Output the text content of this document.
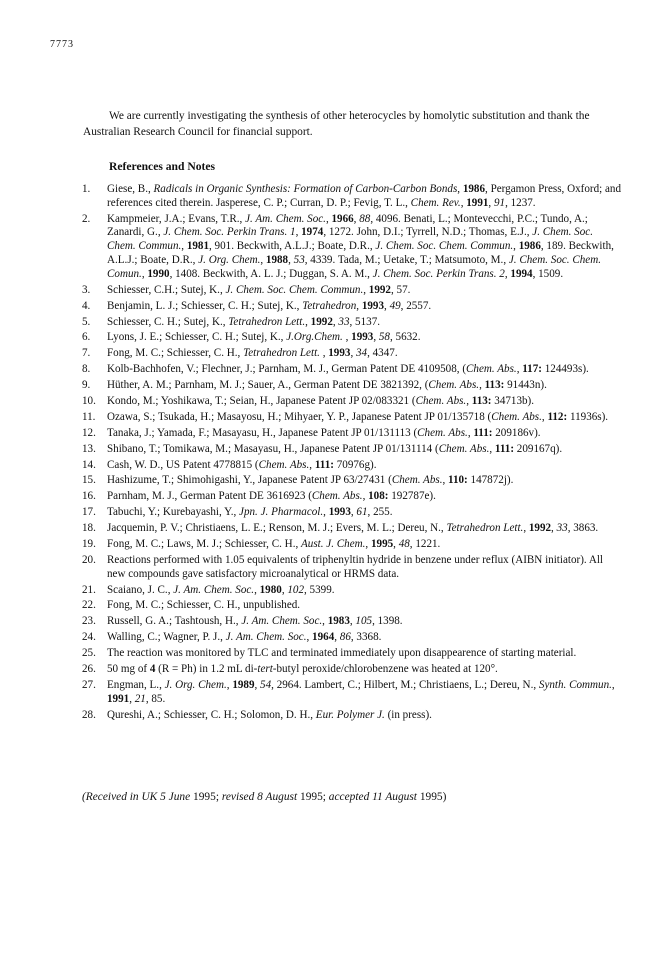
7773

We are currently investigating the synthesis of other heterocycles by homolytic substitution and thank the Australian Research Council for financial support.

References and Notes
1.	Giese, B., Radicals in Organic Synthesis: Formation of Carbon-Carbon Bonds, 1986, Pergamon Press, Oxford; and references cited therein. Jasperese, C. P.; Curran, D. P.; Fevig, T. L., Chem. Rev., 1991, 91, 1237.
2.	Kampmeier, J.A.; Evans, T.R., J. Am. Chem. Soc., 1966, 88, 4096. Benati, L.; Montevecchi, P.C.; Tundo, A.; Zanardi, G., J. Chem. Soc. Perkin Trans. 1, 1974, 1272. John, D.I.; Tyrrell, N.D.; Thomas, E.J., J. Chem. Soc. Chem. Commun., 1981, 901. Beckwith, A.L.J.; Boate, D.R., J. Chem. Soc. Chem. Commun., 1986, 189. Beckwith, A.L.J.; Boate, D.R., J. Org. Chem., 1988, 53, 4339. Tada, M.; Uetake, T.; Matsumoto, M., J. Chem. Soc. Chem. Comun., 1990, 1408. Beckwith, A. L. J.; Duggan, S. A. M., J. Chem. Soc. Perkin Trans. 2, 1994, 1509.
3.	Schiesser, C.H.; Sutej, K., J. Chem. Soc. Chem. Commun., 1992, 57.
4.	Benjamin, L. J.; Schiesser, C. H.; Sutej, K., Tetrahedron, 1993, 49, 2557.
5.	Schiesser, C. H.; Sutej, K., Tetrahedron Lett., 1992, 33, 5137.
6.	Lyons, J. E.; Schiesser, C. H.; Sutej, K., J.Org.Chem. , 1993, 58, 5632.
7.	Fong, M. C.; Schiesser, C. H., Tetrahedron Lett. , 1993, 34, 4347.
8.	Kolb-Bachhofen, V.; Flechner, J.; Parnham, M. J., German Patent DE 4109508, (Chem. Abs., 117: 124493s).
9.	Hüther, A. M.; Parnham, M. J.; Sauer, A., German Patent DE 3821392, (Chem. Abs., 113: 91443n).
10.	Kondo, M.; Yoshikawa, T.; Seian, H., Japanese Patent JP 02/083321 (Chem. Abs., 113: 34713b).
11.	Ozawa, S.; Tsukada, H.; Masayosu, H.; Mihyaer, Y. P., Japanese Patent JP 01/135718 (Chem. Abs., 112: 11936s).
12.	Tanaka, J.; Yamada, F.; Masayasu, H., Japanese Patent JP 01/131113 (Chem. Abs., 111: 209186v).
13.	Shibano, T.; Tomikawa, M.; Masayasu, H., Japanese Patent JP 01/131114 (Chem. Abs., 111: 209167q).
14.	Cash, W. D., US Patent 4778815 (Chem. Abs., 111: 70976g).
15.	Hashizume, T.; Shimohigashi, Y., Japanese Patent JP 63/27431 (Chem. Abs., 110: 147872j).
16.	Parnham, M. J., German Patent DE 3616923 (Chem. Abs., 108: 192787e).
17.	Tabuchi, Y.; Kurebayashi, Y., Jpn. J. Pharmacol., 1993, 61, 255.
18.	Jacquemin, P. V.; Christiaens, L. E.; Renson, M. J.; Evers, M. L.; Dereu, N., Tetrahedron Lett., 1992, 33, 3863.
19.	Fong, M. C.; Laws, M. J.; Schiesser, C. H., Aust. J. Chem., 1995, 48, 1221.
20.	Reactions performed with 1.05 equivalents of triphenyltin hydride in benzene under reflux (AIBN initiator). All new compounds gave satisfactory microanalytical or HRMS data.
21.	Scaiano, J. C., J. Am. Chem. Soc., 1980, 102, 5399.
22.	Fong, M. C.; Schiesser, C. H., unpublished.
23.	Russell, G. A.; Tashtoush, H., J. Am. Chem. Soc., 1983, 105, 1398.
24.	Walling, C.; Wagner, P. J., J. Am. Chem. Soc., 1964, 86, 3368.
25.	The reaction was monitored by TLC and terminated immediately upon disappearence of starting material.
26.	50 mg of 4 (R = Ph) in 1.2 mL di-tert-butyl peroxide/chlorobenzene was heated at 120°.
27.	Engman, L., J. Org. Chem., 1989, 54, 2964. Lambert, C.; Hilbert, M.; Christiaens, L.; Dereu, N., Synth. Commun., 1991, 21, 85.
28.	Qureshi, A.; Schiesser, C. H.; Solomon, D. H., Eur. Polymer J. (in press).
(Received in UK 5 June 1995; revised 8 August 1995; accepted 11 August 1995)
